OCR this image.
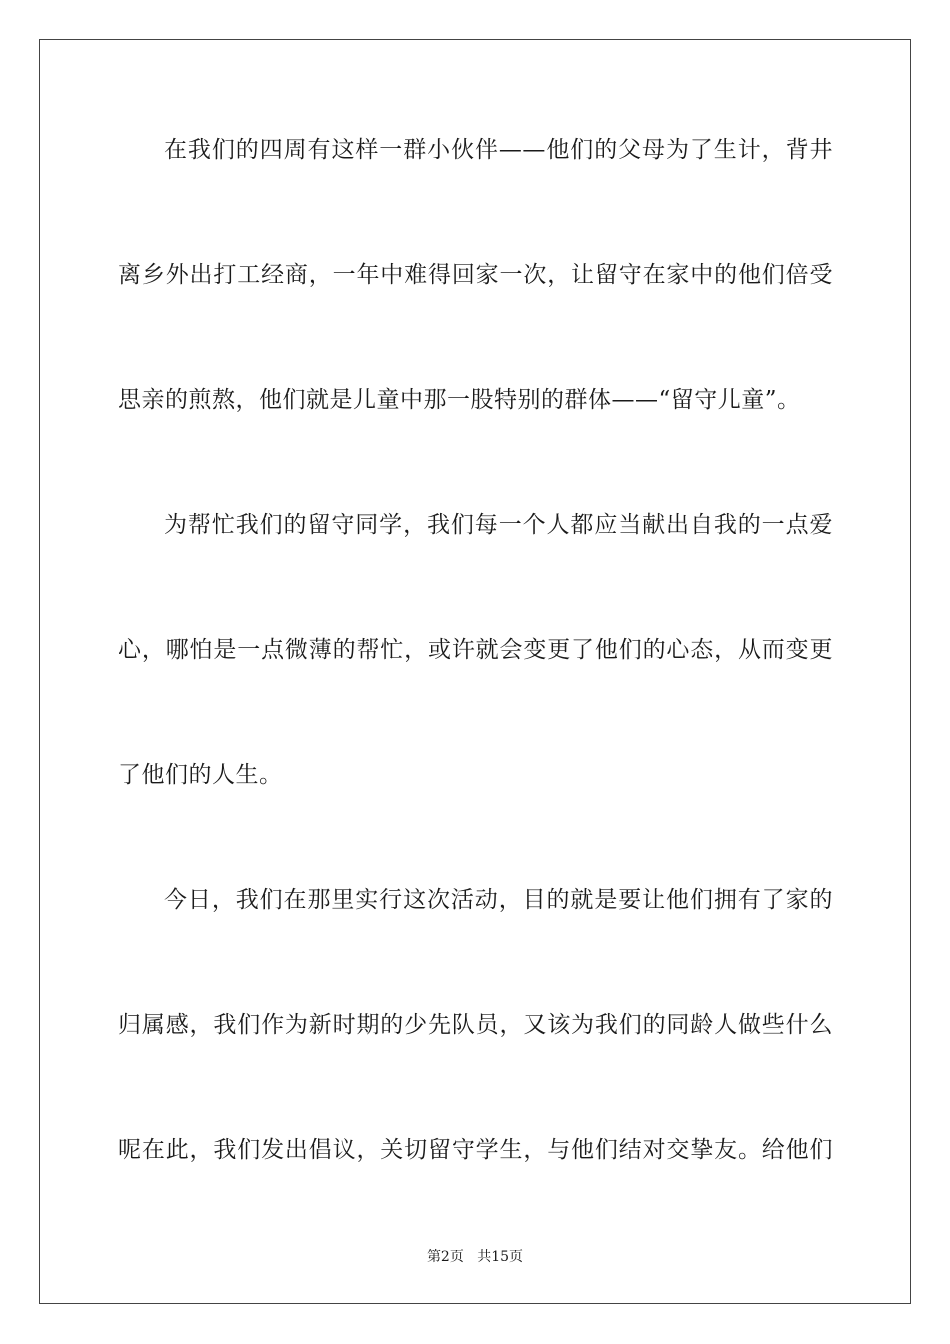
在我们的四周有这样一群小伙伴——他们的父母为了生计，背井
离乡外出打工经商，一年中难得回家一次，让留守在家中的他们倍受
思亲的煎熬，他们就是儿童中那一股特别的群体——“留守儿童”。
为帮忙我们的留守同学，我们每一个人都应当献出自我的一点爱
心，哪怕是一点微薄的帮忙，或许就会变更了他们的心态，从而变更
了他们的人生。
今日，我们在那里实行这次活动，目的就是要让他们拥有了家的
归属感，我们作为新时期的少先队员，又该为我们的同龄人做些什么
呢在此，我们发出倡议，关切留守学生，与他们结对交挚友。给他们
第2页 共15页
